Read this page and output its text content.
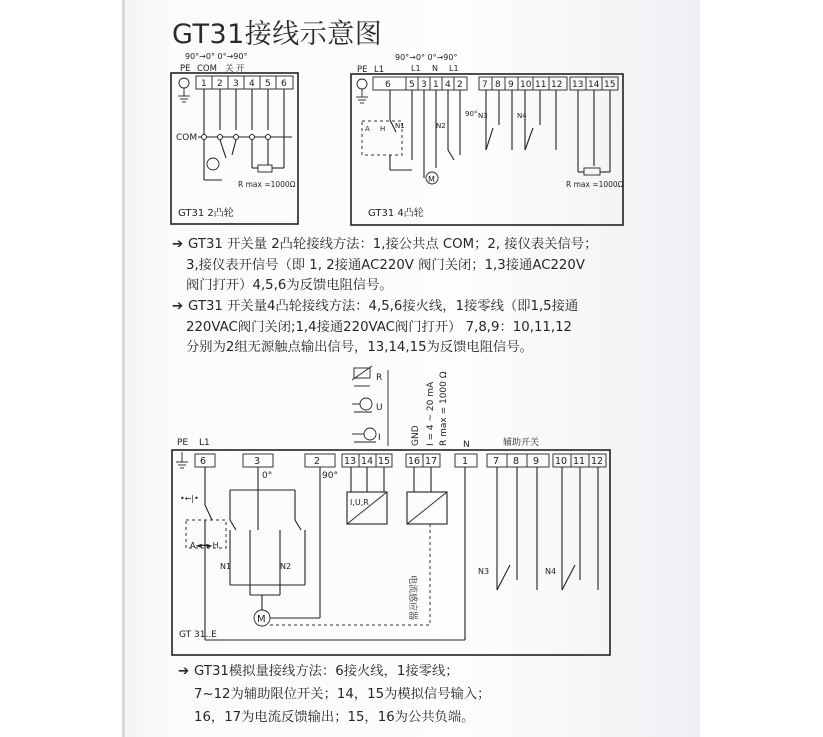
GT31接线示意图
90°→0° 0°→90°
PE COM 关 开
1 2 3 4 5 6
COM
R max =1000Ω
GT31 2凸轮
90°→0° 0°→90°
PE L1	L1 N L1
6 5 3 1 4 2 7 8 9 10 11 12 13 14 15
A H N1	N2
M
90° N3	N4
R max =1000Ω
GT31 4凸轮
R
U
I	GND I = 4 ~ 20 mA R max = 1000 Ω
PE L1	N	辅助开关
6	3	2	13 14 15 16 17	1	7 8 9 10 11 12
0°	90°
•←|•
A◄━►H
N1	N2
M
I,U,R
电流感应器
N3	N4
GT 31..E
➔ GT31 开关量 2凸轮接线方法：1,接公共点 COM；2, 接仪表关信号；
3,接仪表开信号（即 1, 2接通AC220V 阀门关闭；1,3接通AC220V
阀门打开）4,5,6为反馈电阻信号。
➔ GT31 开关量4凸轮接线方法：4,5,6接火线，1接零线（即1,5接通
220VAC阀门关闭;1,4接通220VAC阀门打开） 7,8,9：10,11,12
分别为2组无源触点输出信号，13,14,15为反馈电阻信号。
➔ GT31模拟量接线方法：6接火线，1接零线；
7~12为辅助限位开关；14，15为模拟信号输入；
16，17为电流反馈输出；15，16为公共负端。
